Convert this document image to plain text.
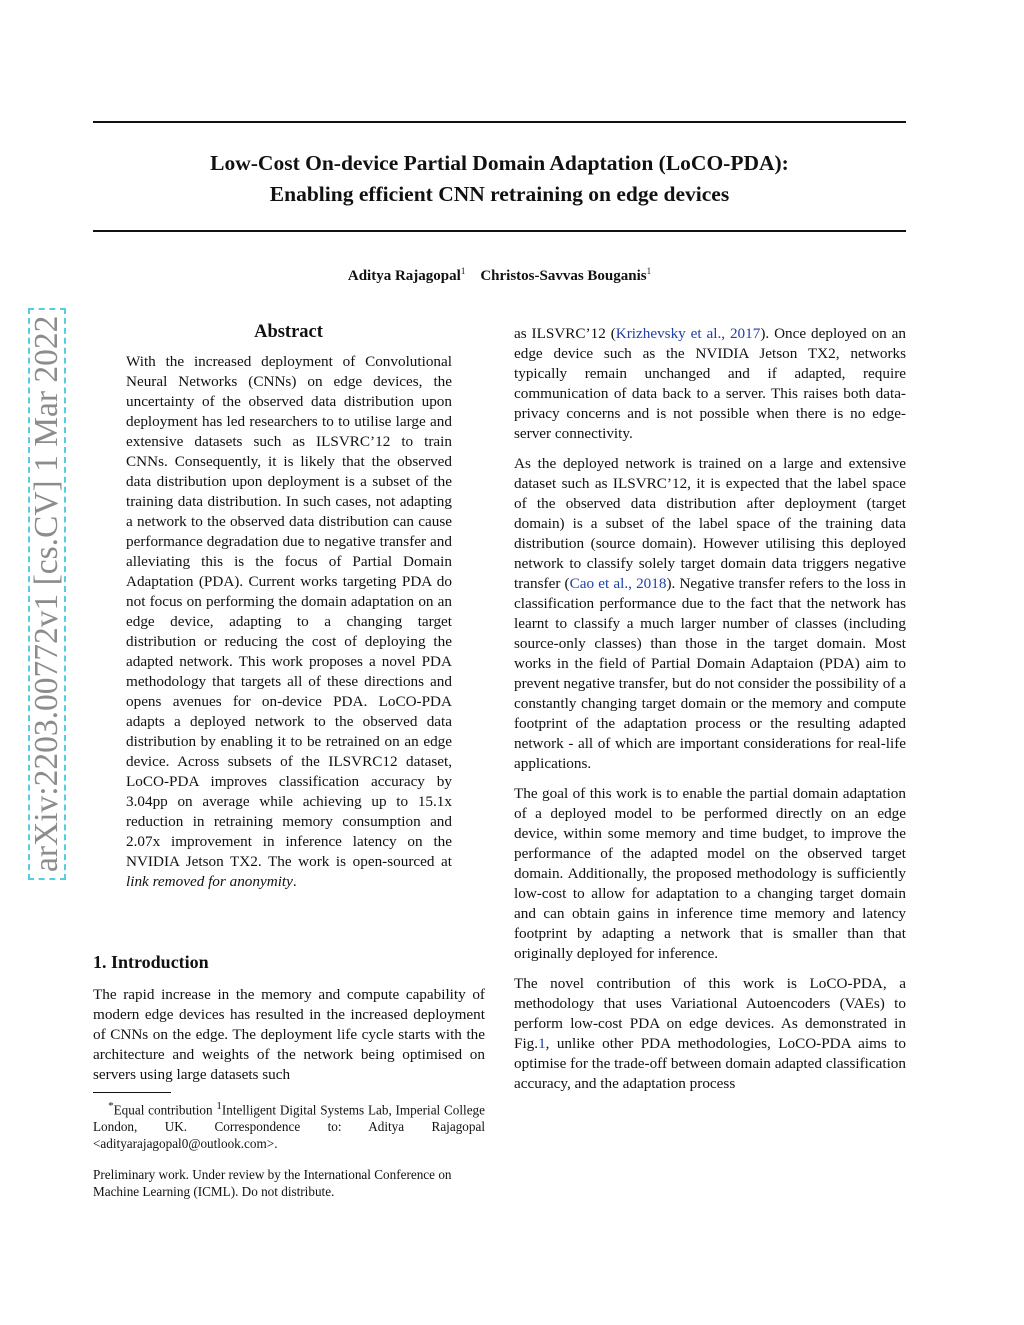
Low-Cost On-device Partial Domain Adaptation (LoCO-PDA):
Enabling efficient CNN retraining on edge devices
Aditya Rajagopal$^1$ Christos-Savvas Bouganis$^1$
arXiv:2203.00772v1 [cs.CV] 1 Mar 2022	Abstract
With the increased deployment of Convolutional Neural Networks (CNNs) on edge devices, the uncertainty of the observed data distribution upon deployment has led researchers to to utilise large and extensive datasets such as ILSVRC’12 to train CNNs. Consequently, it is likely that the observed data distribution upon deployment is a subset of the training data distribution. In such cases, not adapting a network to the observed data distribution can cause performance degradation due to negative transfer and alleviating this is the focus of Partial Domain Adaptation (PDA). Current works targeting PDA do not focus on performing the domain adaptation on an edge device, adapting to a changing target distribution or reducing the cost of deploying the adapted network. This work proposes a novel PDA methodology that targets all of these directions and opens avenues for on-device PDA. LoCO-PDA adapts a deployed network to the observed data distribution by enabling it to be retrained on an edge device. Across subsets of the ILSVRC12 dataset, LoCO-PDA improves classification accuracy by 3.04pp on average while achieving up to 15.1x reduction in retraining memory consumption and 2.07x improvement in inference latency on the NVIDIA Jetson TX2. The work is open-sourced at link removed for anonymity.
1. Introduction
The rapid increase in the memory and compute capability of modern edge devices has resulted in the increased deployment of CNNs on the edge. The deployment life cycle starts with the architecture and weights of the network being optimised on servers using large datasets such
*Equal contribution $^1$Intelligent Digital Systems Lab, Imperial College London, UK. Correspondence to: Aditya Rajagopal <adityarajagopal0@outlook.com>.
Preliminary work. Under review by the International Conference on Machine Learning (ICML). Do not distribute.

as ILSVRC’12 (Krizhevsky et al., 2017). Once deployed on an edge device such as the NVIDIA Jetson TX2, networks typically remain unchanged and if adapted, require communication of data back to a server. This raises both data-privacy concerns and is not possible when there is no edge-server connectivity.

As the deployed network is trained on a large and extensive dataset such as ILSVRC’12, it is expected that the label space of the observed data distribution after deployment (target domain) is a subset of the label space of the training data distribution (source domain). However utilising this deployed network to classify solely target domain data triggers negative transfer (Cao et al., 2018). Negative transfer refers to the loss in classification performance due to the fact that the network has learnt to classify a much larger number of classes (including source-only classes) than those in the target domain. Most works in the field of Partial Domain Adaptaion (PDA) aim to prevent negative transfer, but do not consider the possibility of a constantly changing target domain or the memory and compute footprint of the adaptation process or the resulting adapted network - all of which are important considerations for real-life applications.

The goal of this work is to enable the partial domain adaptation of a deployed model to be performed directly on an edge device, within some memory and time budget, to improve the performance of the adapted model on the observed target domain. Additionally, the proposed methodology is sufficiently low-cost to allow for adaptation to a changing target domain and can obtain gains in inference time memory and latency footprint by adapting a network that is smaller than that originally deployed for inference.

The novel contribution of this work is LoCO-PDA, a methodology that uses Variational Autoencoders (VAEs) to perform low-cost PDA on edge devices. As demonstrated in Fig.1, unlike other PDA methodologies, LoCO-PDA aims to optimise for the trade-off between domain adapted classification accuracy, and the adaptation process
